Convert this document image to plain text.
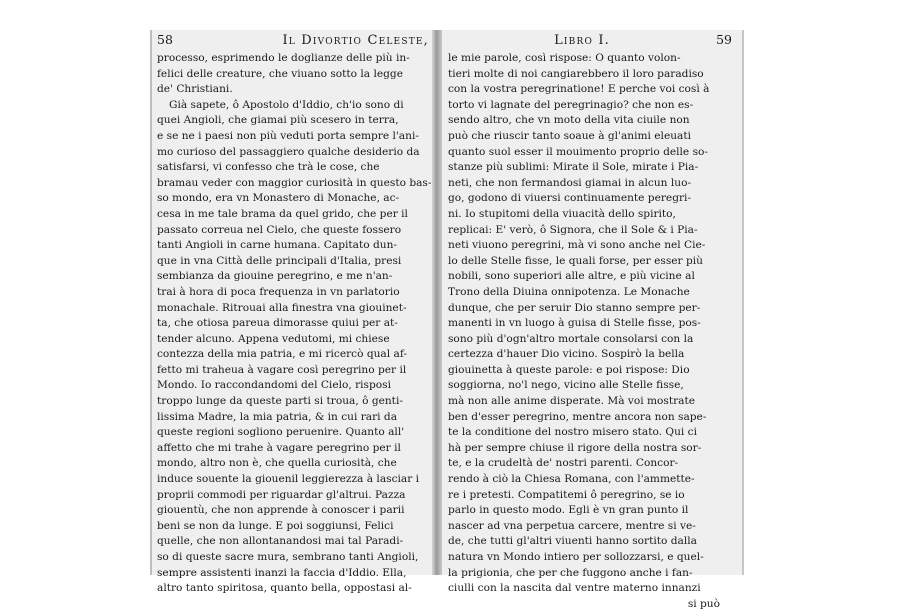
58	Il Divortio Celeste,
processo, esprimendo le doglianze delle più in-
felici delle creature, che viuano sotto la legge
de' Christiani.
Già sapete, ô Apostolo d'Iddio, ch'io sono di
quei Angioli, che giamai più scesero in terra,
e se ne i paesi non più veduti porta sempre l'ani-
mo curioso del passaggiero qualche desiderio da
satisfarsi, vi confesso che trà le cose, che
bramau veder con maggior curiosità in questo bas-
so mondo, era vn Monastero di Monache, ac-
cesa in me tale brama da quel grido, che per il
passato correua nel Cielo, che queste fossero
tanti Angioli in carne humana. Capitato dun-
que in vna Città delle principali d'Italia, presi
sembianza da giouine peregrino, e me n'an-
trai à hora di poca frequenza in vn parlatorio
monachale. Ritrouai alla finestra vna giouinet-
ta, che otiosa pareua dimorasse quiui per at-
tender alcuno. Appena vedutomi, mi chiese
contezza della mia patria, e mi ricercò qual af-
fetto mi traheua à vagare così peregrino per il
Mondo. Io raccondandomi del Cielo, risposi
troppo lunge da queste parti si troua, ô genti-
lissima Madre, la mia patria, & in cui rari da
queste regioni sogliono peruenire. Quanto all'
affetto che mi trahe à vagare peregrino per il
mondo, altro non è, che quella curiosità, che
induce souente la giouenil leggierezza à lasciar i
proprii commodi per riguardar gl'altrui. Pazza
giouentù, che non apprende à conoscer i parii
beni se non da lunge. E poi soggiunsi, Felici
quelle, che non allontanandosi mai tal Paradi-
so di queste sacre mura, sembrano tanti Angioli,
sempre assistenti inanzi la faccia d'Iddio. Ella,
altro tanto spiritosa, quanto bella, oppostasi al-
Libro I.	59
le mie parole, così rispose: O quanto volon-
tieri molte di noi cangiarebbero il loro paradiso
con la vostra peregrinatione! E perche voi così à
torto vi lagnate del peregrinagio? che non es-
sendo altro, che vn moto della vita ciuile non
può che riuscir tanto soaue à gl'animi eleuati
quanto suol esser il mouimento proprio delle so-
stanze più sublimi: Mirate il Sole, mirate i Pia-
neti, che non fermandosi giamai in alcun luo-
go, godono di viuersi continuamente peregri-
ni. Io stupitomi della viuacità dello spirito,
replicai: E' verò, ô Signora, che il Sole & i Pia-
neti viuono peregrini, mà vi sono anche nel Cie-
lo delle Stelle fisse, le quali forse, per esser più
nobili, sono superiori alle altre, e più vicine al
Trono della Diuina onnipotenza. Le Monache
dunque, che per seruir Dio stanno sempre per-
manenti in vn luogo à guisa di Stelle fisse, pos-
sono più d'ogn'altro mortale consolarsi con la
certezza d'hauer Dio vicino. Sospirò la bella
giouinetta à queste parole: e poi rispose: Dio
soggiorna, no'l nego, vicino alle Stelle fisse,
mà non alle anime disperate. Mà voi mostrate
ben d'esser peregrino, mentre ancora non sape-
te la conditione del nostro misero stato. Qui ci
hà per sempre chiuse il rigore della nostra sor-
te, e la crudeltà de' nostri parenti. Concor-
rendo à ciò la Chiesa Romana, con l'ammette-
re i pretesti. Compatitemi ô peregrino, se io
parlo in questo modo. Egli è vn gran punto il
nascer ad vna perpetua carcere, mentre si ve-
de, che tutti gl'altri viuenti hanno sortito dalla
natura vn Mondo intiero per sollozzarsi, e quel-
la prigionia, che per che fuggono anche i fan-
ciulli con la nascita dal ventre materno innanzi
si può
